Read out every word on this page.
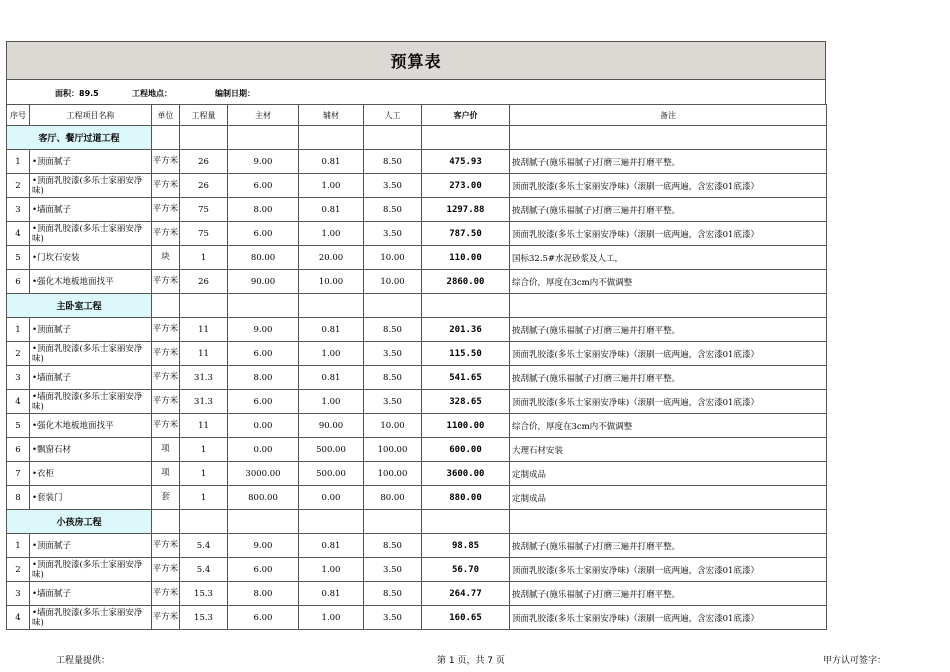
预算表
面积：89.5	工程地点：	编制日期：
序号	工程项目名称	单位	工程量	主材	辅材	人工	客户价	备注
客厅、餐厅过道工程								
1	•顶面腻子	平方米	26	9.00	0.81	8.50	475.93	披刮腻子(施乐福腻子)打磨三遍并打磨平整。
2	•顶面乳胶漆(多乐士家丽安净味)	平方米	26	6.00	1.00	3.50	273.00	顶面乳胶漆(多乐士家丽安净味)（滚刷一底两遍，含宏漆01底漆）
3	•墙面腻子	平方米	75	8.00	0.81	8.50	1297.88	披刮腻子(施乐福腻子)打磨三遍并打磨平整。
4	•顶面乳胶漆(多乐士家丽安净味)	平方米	75	6.00	1.00	3.50	787.50	顶面乳胶漆(多乐士家丽安净味)（滚刷一底两遍，含宏漆01底漆）
5	•门坎石安装	块	1	80.00	20.00	10.00	110.00	国标32.5#水泥砂浆及人工，
6	•强化木地板地面找平	平方米	26	90.00	10.00	10.00	2860.00	综合价，厚度在3cm内不做调整
主卧室工程								
1	•顶面腻子	平方米	11	9.00	0.81	8.50	201.36	披刮腻子(施乐福腻子)打磨三遍并打磨平整。
2	•顶面乳胶漆(多乐士家丽安净味)	平方米	11	6.00	1.00	3.50	115.50	顶面乳胶漆(多乐士家丽安净味)（滚刷一底两遍，含宏漆01底漆）
3	•墙面腻子	平方米	31.3	8.00	0.81	8.50	541.65	披刮腻子(施乐福腻子)打磨三遍并打磨平整。
4	•墙面乳胶漆(多乐士家丽安净味)	平方米	31.3	6.00	1.00	3.50	328.65	顶面乳胶漆(多乐士家丽安净味)（滚刷一底两遍，含宏漆01底漆）
5	•强化木地板地面找平	平方米	11	0.00	90.00	10.00	1100.00	综合价，厚度在3cm内不做调整
6	•飘窗石材	项	1	0.00	500.00	100.00	600.00	大理石材安装
7	•衣柜	项	1	3000.00	500.00	100.00	3600.00	定制成品
8	•套装门	套	1	800.00	0.00	80.00	880.00	定制成品
小孩房工程								
1	•顶面腻子	平方米	5.4	9.00	0.81	8.50	98.85	披刮腻子(施乐福腻子)打磨三遍并打磨平整。
2	•顶面乳胶漆(多乐士家丽安净味)	平方米	5.4	6.00	1.00	3.50	56.70	顶面乳胶漆(多乐士家丽安净味)（滚刷一底两遍，含宏漆01底漆）
3	•墙面腻子	平方米	15.3	8.00	0.81	8.50	264.77	披刮腻子(施乐福腻子)打磨三遍并打磨平整。
4	•墙面乳胶漆(多乐士家丽安净味)	平方米	15.3	6.00	1.00	3.50	160.65	顶面乳胶漆(多乐士家丽安净味)（滚刷一底两遍，含宏漆01底漆）
工程量提供：	第 1 页，共 7 页	甲方认可签字：
